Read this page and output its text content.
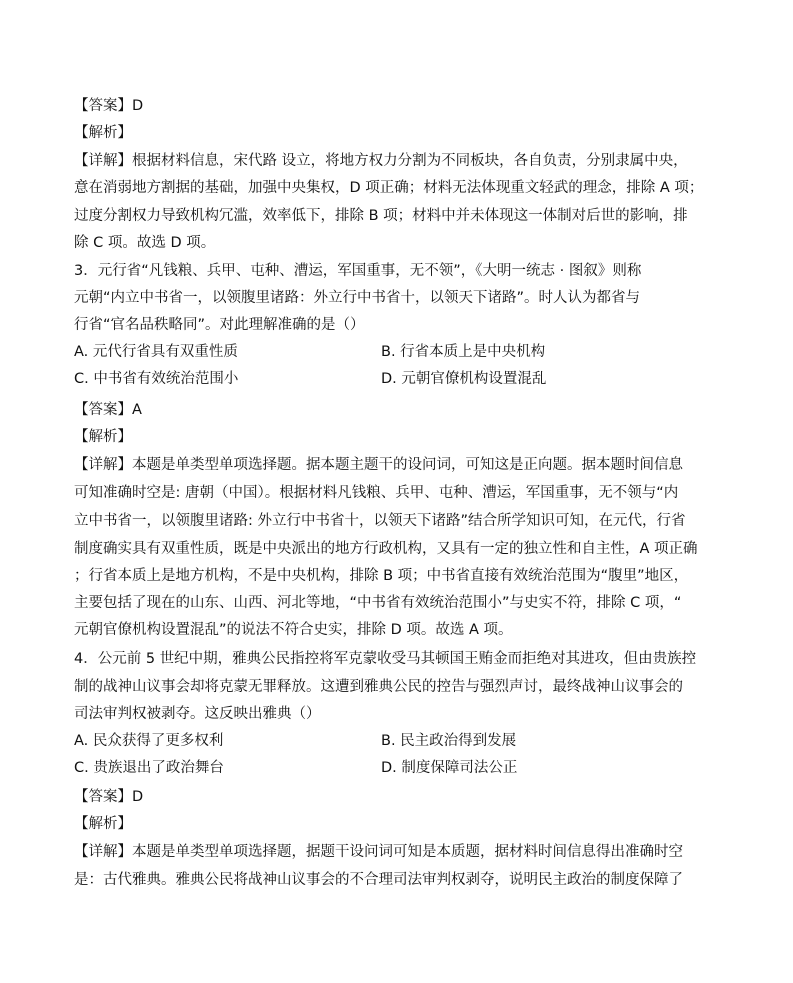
【答案】D
【解析】
【详解】根据材料信息，宋代路 设立，将地方权力分割为不同板块，各自负责，分别隶属中央，
意在消弱地方割据的基础，加强中央集权，D 项正确；材料无法体现重文轻武的理念，排除 A 项；
过度分割权力导致机构冗滥，效率低下，排除 B 项；材料中并未体现这一体制对后世的影响，排
除 C 项。故选 D 项。
3．元行省“凡钱粮、兵甲、屯种、漕运，军国重事，无不领”，《大明一统志 · 图叙》则称
元朝“内立中书省一，以领腹里诸路：外立行中书省十，以领天下诸路”。时人认为都省与
行省“官名品秩略同”。对此理解准确的是（）
A. 元代行省具有双重性质	B. 行省本质上是中央机构
C. 中书省有效统治范围小	D. 元朝官僚机构设置混乱
【答案】A
【解析】
【详解】本题是单类型单项选择题。据本题主题干的设问词，可知这是正向题。据本题时间信息
可知准确时空是: 唐朝（中国）。根据材料凡钱粮、兵甲、屯种、漕运，军国重事，无不领与“内
立中书省一，以领腹里诸路: 外立行中书省十，以领天下诸路”结合所学知识可知，在元代，行省
制度确实具有双重性质，既是中央派出的地方行政机构，又具有一定的独立性和自主性，A 项正确
；行省本质上是地方机构，不是中央机构，排除 B 项；中书省直接有效统治范围为“腹里”地区，
主要包括了现在的山东、山西、河北等地，“中书省有效统治范围小”与史实不符，排除 C 项，“
元朝官僚机构设置混乱”的说法不符合史实，排除 D 项。故选 A 项。
4．公元前 5 世纪中期，雅典公民指控将军克蒙收受马其顿国王贿金而拒绝对其进攻，但由贵族控
制的战神山议事会却将克蒙无罪释放。这遭到雅典公民的控告与强烈声讨，最终战神山议事会的
司法审判权被剥夺。这反映出雅典（）
A. 民众获得了更多权利	B. 民主政治得到发展
C. 贵族退出了政治舞台	D. 制度保障司法公正
【答案】D
【解析】
【详解】本题是单类型单项选择题，据题干设问词可知是本质题，据材料时间信息得出准确时空
是：古代雅典。雅典公民将战神山议事会的不合理司法审判权剥夺，说明民主政治的制度保障了
